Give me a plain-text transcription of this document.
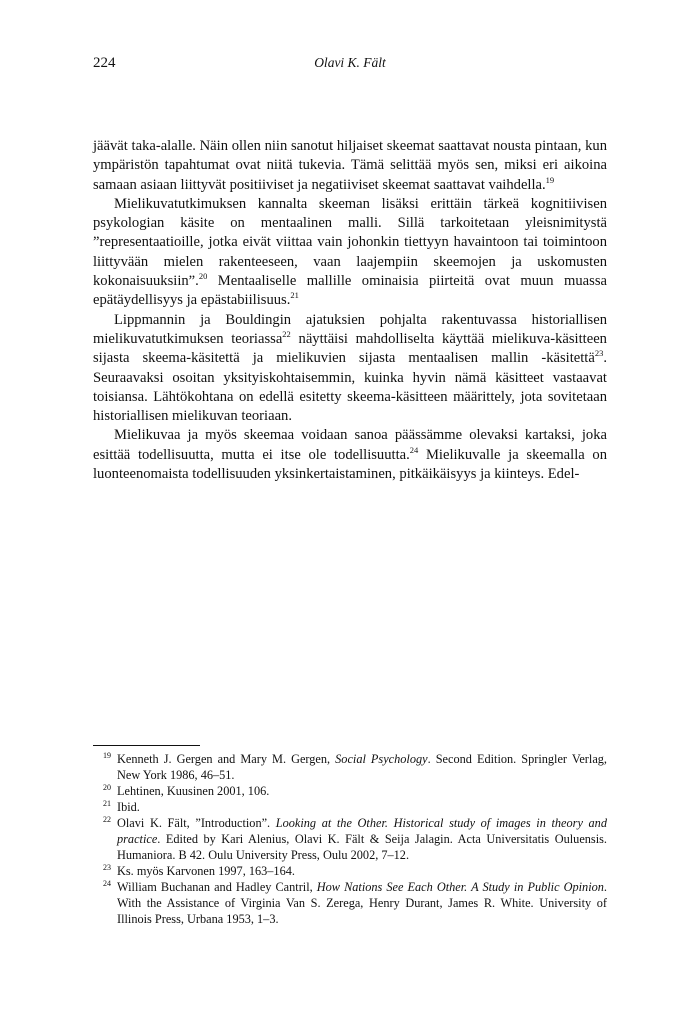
224	Olavi K. Fält

jäävät taka-alalle. Näin ollen niin sanotut hiljaiset skeemat saattavat nousta pintaan, kun ympäristön tapahtumat ovat niitä tukevia. Tämä selittää myös sen, miksi eri aikoina samaan asiaan liittyvät positiiviset ja negatiiviset skeemat saattavat vaihdella.$^{19}$

Mielikuvatutkimuksen kannalta skeeman lisäksi erittäin tärkeä kognitiivisen psykologian käsite on mentaalinen malli. Sillä tarkoitetaan yleisnimitystä ”representaatioille, jotka eivät viittaa vain johonkin tiettyyn havaintoon tai toimintoon liittyvään mielen rakenteeseen, vaan laajempiin skeemojen ja uskomusten kokonaisuuksiin”.$^{20}$ Mentaaliselle mallille ominaisia piirteitä ovat muun muassa epätäydellisyys ja epästabiilisuus.$^{21}$

Lippmannin ja Bouldingin ajatuksien pohjalta rakentuvassa historiallisen mielikuvatutkimuksen teoriassa$^{22}$ näyttäisi mahdolliselta käyttää mielikuva-käsitteen sijasta skeema-käsitettä ja mielikuvien sijasta mentaalisen mallin -käsitettä$^{23}$. Seuraavaksi osoitan yksityiskohtaisemmin, kuinka hyvin nämä käsitteet vastaavat toisiansa. Lähtökohtana on edellä esitetty skeema-käsitteen määrittely, jota sovitetaan historiallisen mielikuvan teoriaan.

Mielikuvaa ja myös skeemaa voidaan sanoa päässämme olevaksi kartaksi, joka esittää todellisuutta, mutta ei itse ole todellisuutta.$^{24}$ Mielikuvalle ja skeemalla on luonteenomaista todellisuuden yksinkertaistaminen, pitkäikäisyys ja kiinteys. Edel-

19 Kenneth J. Gergen and Mary M. Gergen, Social Psychology. Second Edition. Springler Verlag, New York 1986, 46–51.
20 Lehtinen, Kuusinen 2001, 106.
21 Ibid.
22 Olavi K. Fält, ”Introduction”. Looking at the Other. Historical study of images in theory and practice. Edited by Kari Alenius, Olavi K. Fält & Seija Jalagin. Acta Universitatis Ouluensis. Humaniora. B 42. Oulu University Press, Oulu 2002, 7–12.
23 Ks. myös Karvonen 1997, 163–164.
24 William Buchanan and Hadley Cantril, How Nations See Each Other. A Study in Public Opinion. With the Assistance of Virginia Van S. Zerega, Henry Durant, James R. White. University of Illinois Press, Urbana 1953, 1–3.
